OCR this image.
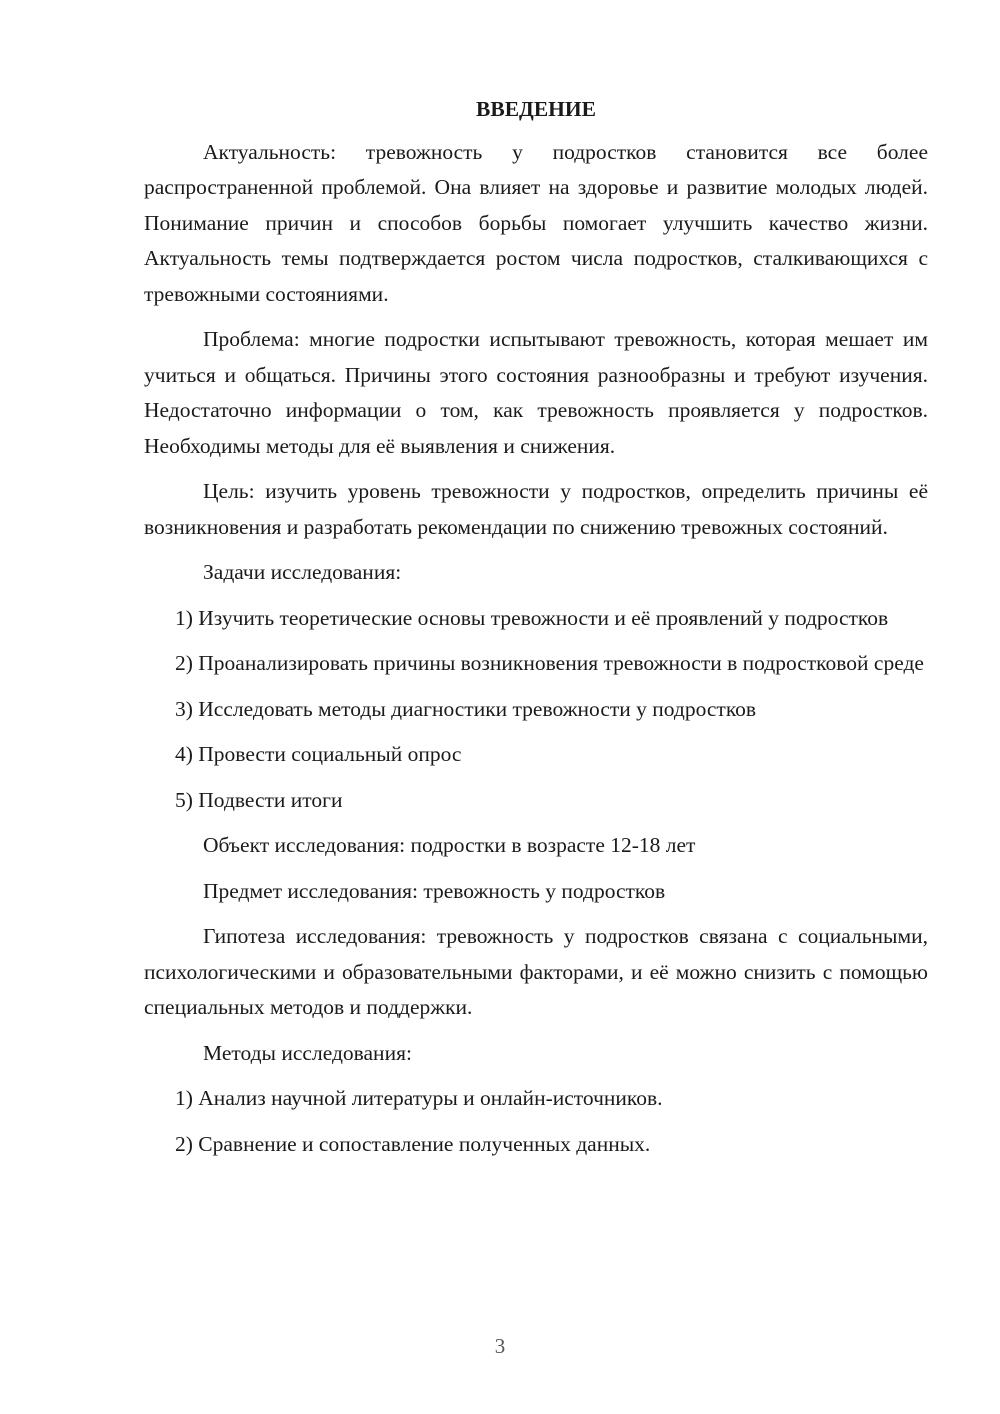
ВВЕДЕНИЕ

Актуальность: тревожность у подростков становится все более распространенной проблемой. Она влияет на здоровье и развитие молодых людей. Понимание причин и способов борьбы помогает улучшить качество жизни. Актуальность темы подтверждается ростом числа подростков, сталкивающихся с тревожными состояниями.

Проблема: многие подростки испытывают тревожность, которая мешает им учиться и общаться. Причины этого состояния разнообразны и требуют изучения. Недостаточно информации о том, как тревожность проявляется у подростков. Необходимы методы для её выявления и снижения.

Цель: изучить уровень тревожности у подростков, определить причины её возникновения и разработать рекомендации по снижению тревожных состояний.

Задачи исследования:

1) Изучить теоретические основы тревожности и её проявлений у подростков

2) Проанализировать причины возникновения тревожности в подростковой среде

3) Исследовать методы диагностики тревожности у подростков

4) Провести социальный опрос

5) Подвести итоги

Объект исследования: подростки в возрасте 12-18 лет

Предмет исследования: тревожность у подростков

Гипотеза исследования: тревожность у подростков связана с социальными, психологическими и образовательными факторами, и её можно снизить с помощью специальных методов и поддержки.

Методы исследования:

1) Анализ научной литературы и онлайн-источников.

2) Сравнение и сопоставление полученных данных.

3
